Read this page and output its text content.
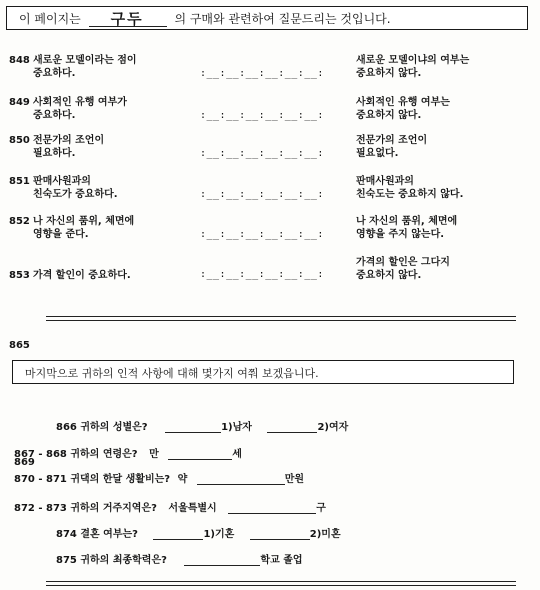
이 페이지는 구두	의 구매와 관련하여 질문드리는 것입니다.
848 새로운 모델이라는 점이
중요하다.	:__:__:__:__:__:__:
새로운 모델이냐의 여부는
중요하지 않다.
849 사회적인 유행 여부가
중요하다.	:__:__:__:__:__:__:
사회적인 유행 여부는
중요하지 않다.
850 전문가의 조언이
필요하다.	:__:__:__:__:__:__:
전문가의 조언이
필요없다.
851 판매사원과의
친숙도가 중요하다.	:__:__:__:__:__:__:
판매사원과의
친숙도는 중요하지 않다.
852 나 자신의 품위, 체면에
영향을 준다.	:__:__:__:__:__:__:
나 자신의 품위, 체면에
영향을 주지 않는다.
853 가격 할인이 중요하다.	:__:__:__:__:__:__:
가격의 할인은 그다지
중요하지 않다.
865
마지막으로 귀하의 인적 사항에 대해 몇가지 여쭤 보겠읍니다.
866 귀하의 성별은?	1)남자	2)여자
867 - 868 귀하의 연령은? 만	세
869
870 - 871 귀댁의 한달 생활비는? 약	만원
872 - 873 귀하의 거주지역은? 서울특별시	구
874 결혼 여부는?	1)기혼	2)미혼
875 귀하의 최종학력은?	학교 졸업
